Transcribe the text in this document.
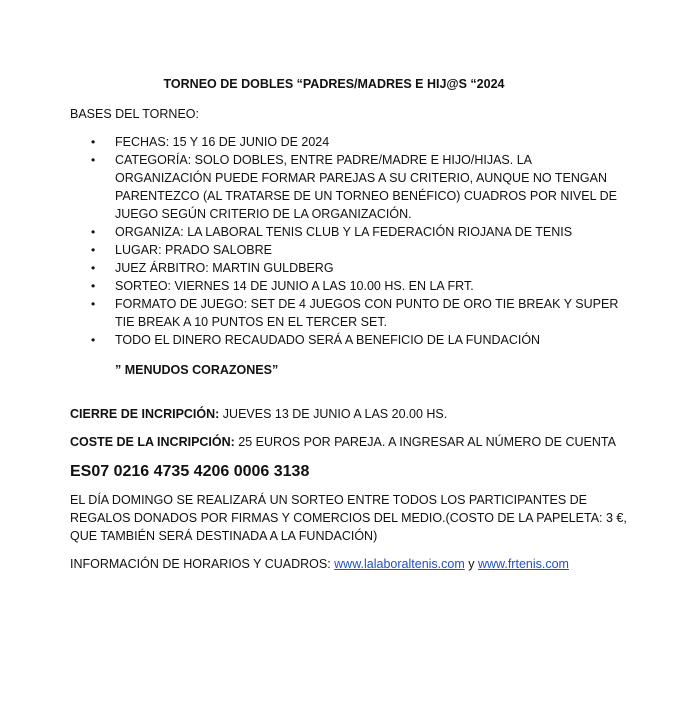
TORNEO DE DOBLES “PADRES/MADRES E HIJ@S “2024

BASES DEL TORNEO:

• FECHAS: 15 Y 16 DE JUNIO DE 2024
• CATEGORÍA: SOLO DOBLES, ENTRE PADRE/MADRE E HIJO/HIJAS. LA ORGANIZACIÓN PUEDE FORMAR PAREJAS A SU CRITERIO, AUNQUE NO TENGAN PARENTEZCO (AL TRATARSE DE UN TORNEO BENÉFICO) CUADROS POR NIVEL DE JUEGO SEGÚN CRITERIO DE LA ORGANIZACIÓN.
• ORGANIZA: LA LABORAL TENIS CLUB Y LA FEDERACIÓN RIOJANA DE TENIS
• LUGAR: PRADO SALOBRE
• JUEZ ÁRBITRO: MARTIN GULDBERG
• SORTEO: VIERNES 14 DE JUNIO A LAS 10.00 HS. EN LA FRT.
• FORMATO DE JUEGO: SET DE 4 JUEGOS CON PUNTO DE ORO TIE BREAK Y SUPER TIE BREAK A 10 PUNTOS EN EL TERCER SET.
• TODO EL DINERO RECAUDADO SERÁ A BENEFICIO DE LA FUNDACIÓN

” MENUDOS CORAZONES”

CIERRE DE INCRIPCIÓN: JUEVES 13 DE JUNIO A LAS 20.00 HS.

COSTE DE LA INCRIPCIÓN: 25 EUROS POR PAREJA. A INGRESAR AL NÚMERO DE CUENTA

ES07 0216 4735 4206 0006 3138

EL DÍA DOMINGO SE REALIZARÁ UN SORTEO ENTRE TODOS LOS PARTICIPANTES DE REGALOS DONADOS POR FIRMAS Y COMERCIOS DEL MEDIO.(COSTO DE LA PAPELETA: 3 €, QUE TAMBIÉN SERÁ DESTINADA A LA FUNDACIÓN)

INFORMACIÓN DE HORARIOS Y CUADROS: www.lalaboraltenis.com y www.frtenis.com
